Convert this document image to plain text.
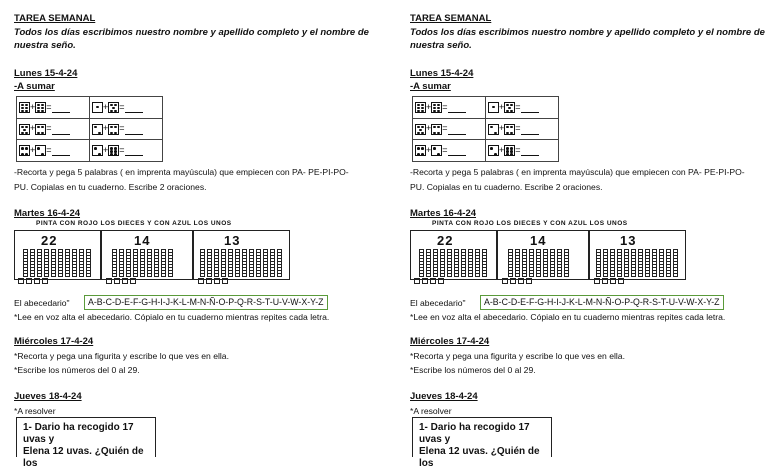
TAREA SEMANAL
Todos los días escribimos nuestro nombre y apellido completo y el nombre de
nuestra seño.
Lunes 15-4-24
-A sumar
+ =	+ =

+ =	+ =

+ =	+ =
-Recorta y pega 5 palabras ( en imprenta mayúscula) que empiecen con PA- PE-PI-PO-
PU. Copialas en tu cuaderno. Escribe 2 oraciones.
Martes 16-4-24
PINTA CON ROJO LOS DIECES Y CON AZUL LOS UNOS
22	14	13
El abecedario"	A-B-C-D-E-F-G-H-I-J-K-L-M-N-Ñ-O-P-Q-R-S-T-U-V-W-X-Y-Z
*Lee en voz alta el abecedario. Cópialo en tu cuaderno mientras repites cada letra.
Miércoles 17-4-24
*Recorta y pega una figurita y escribe lo que ves en ella.
*Escribe los números del 0 al 29.
Jueves 18-4-24
*A resolver
1- Dario ha recogido 17 uvas y
Elena 12 uvas. ¿Quién de los
TAREA SEMANAL
Todos los días escribimos nuestro nombre y apellido completo y el nombre de
nuestra seño.
Lunes 15-4-24
-A sumar
+ =	+ =

+ =	+ =

+ =	+ =
-Recorta y pega 5 palabras ( en imprenta mayúscula) que empiecen con PA- PE-PI-PO-
PU. Copialas en tu cuaderno. Escribe 2 oraciones.
Martes 16-4-24
PINTA CON ROJO LOS DIECES Y CON AZUL LOS UNOS
22	14	13
El abecedario"	A-B-C-D-E-F-G-H-I-J-K-L-M-N-Ñ-O-P-Q-R-S-T-U-V-W-X-Y-Z
*Lee en voz alta el abecedario. Cópialo en tu cuaderno mientras repites cada letra.
Miércoles 17-4-24
*Recorta y pega una figurita y escribe lo que ves en ella.
*Escribe los números del 0 al 29.
Jueves 18-4-24
*A resolver
1- Dario ha recogido 17 uvas y
Elena 12 uvas. ¿Quién de los
